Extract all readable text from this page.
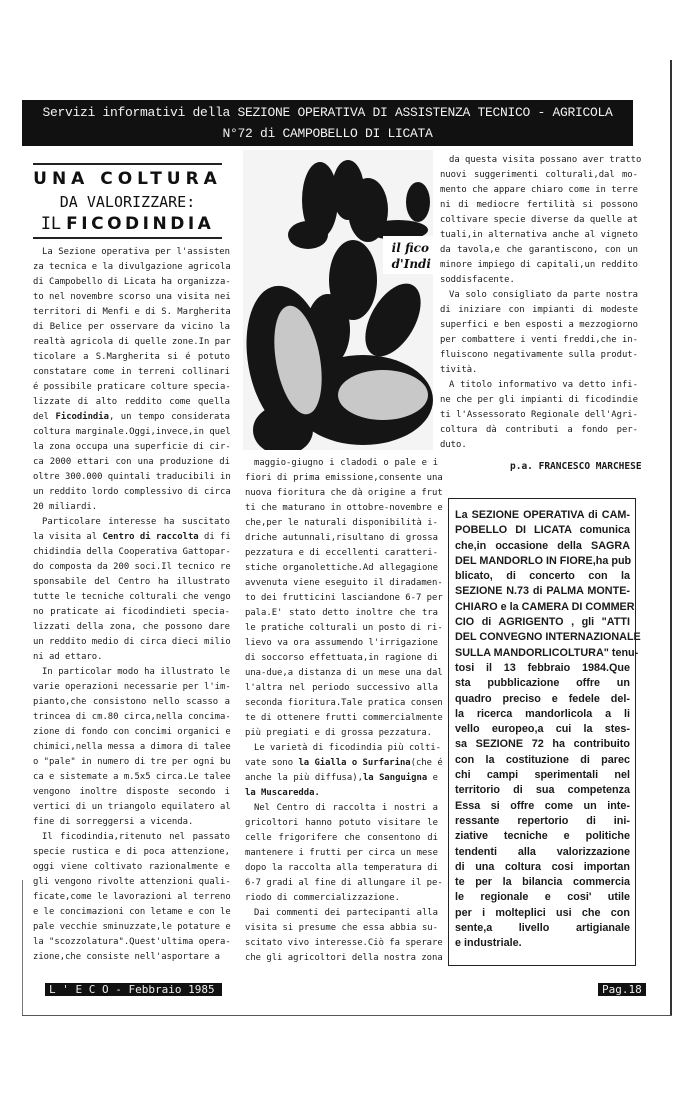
Servizi informativi della SEZIONE OPERATIVA DI ASSISTENZA TECNICO - AGRICOLA
N°72 di CAMPOBELLO DI LICATA
UNA COLTURA
DA VALORIZZARE:
IL FICODINDIA
il fico
d'Indi
La Sezione operativa per l'assisten
za tecnica e la divulgazione agricola
di Campobello di Licata ha organizza-
to nel novembre scorso una visita nei
territori di Menfi e di S. Margherita
di Belice per osservare da vicino la
realtà agricola di quelle zone.In par
ticolare a S.Margherita si é potuto
constatare come in terreni collinari
é possibile praticare colture specia-
lizzate di alto reddito come quella
del Ficodindia, un tempo considerata
coltura marginale.Oggi,invece,in quel
la zona occupa una superficie di cir-
ca 2000 ettari con una produzione di
oltre 300.000 quintali traducibili in
un reddito lordo complessivo di circa
20 miliardi.
Particolare interesse ha suscitato
la visita al Centro di raccolta di fi
chidindia della Cooperativa Gattopar-
do composta da 200 soci.Il tecnico re
sponsabile del Centro ha illustrato
tutte le tecniche colturali che vengo
no praticate ai ficodindieti specia-
lizzati della zona, che possono dare
un reddito medio di circa dieci milio
ni ad ettaro.
In particolar modo ha illustrato le
varie operazioni necessarie per l'im-
pianto,che consistono nello scasso a
trincea di cm.80 circa,nella concima-
zione di fondo con concimi organici e
chimici,nella messa a dimora di talee
o "pale" in numero di tre per ogni bu
ca e sistemate a m.5x5 circa.Le talee
vengono inoltre disposte secondo i
vertici di un triangolo equilatero al
fine di sorreggersi a vicenda.
Il ficodindia,ritenuto nel passato
specie rustica e di poca attenzione,
oggi viene coltivato razionalmente e
gli vengono rivolte attenzioni quali-
ficate,come le lavorazioni al terreno
e le concimazioni con letame e con le
pale vecchie sminuzzate,le potature e
la "scozzolatura".Quest'ultima opera-
zione,che consiste nell'asportare a
maggio-giugno i cladodi o pale e i
fiori di prima emissione,consente una
nuova fioritura che dà origine a frut
ti che maturano in ottobre-novembre e
che,per le naturali disponibilità i-
driche autunnali,risultano di grossa
pezzatura e di eccellenti caratteri-
stiche organolettiche.Ad allegagione
avvenuta viene eseguito il diradamen-
to dei frutticini lasciandone 6-7 per
pala.E' stato detto inoltre che tra
le pratiche colturali un posto di ri-
lievo va ora assumendo l'irrigazione
di soccorso effettuata,in ragione di
una-due,a distanza di un mese una dal
l'altra nel periodo successivo alla
seconda fioritura.Tale pratica consen
te di ottenere frutti commercialmente
più pregiati e di grossa pezzatura.
Le varietà di ficodindia più colti-
vate sono la Gialla o Surfarina(che é
anche la più diffusa),la Sanguigna e
la Muscaredda.
Nel Centro di raccolta i nostri a
gricoltori hanno potuto visitare le
celle frigorifere che consentono di
mantenere i frutti per circa un mese
dopo la raccolta alla temperatura di
6-7 gradi al fine di allungare il pe-
riodo di commercializzazione.
Dai commenti dei partecipanti alla
visita si presume che essa abbia su-
scitato vivo interesse.Ciò fa sperare
che gli agricoltori della nostra zona
da questa visita possano aver tratto
nuovi suggerimenti colturali,dal mo-
mento che appare chiaro come in terre
ni di mediocre fertilità si possono
coltivare specie diverse da quelle at
tuali,in alternativa anche al vigneto
da tavola,e che garantiscono, con un
minore impiego di capitali,un reddito
soddisfacente.
Va solo consigliato da parte nostra
di iniziare con impianti di modeste
superfici e ben esposti a mezzogiorno
per combattere i venti freddi,che in-
fluiscono negativamente sulla produt-
tività.
A titolo informativo va detto infi-
ne che per gli impianti di ficodindie
ti l'Assessorato Regionale dell'Agri-
coltura dà contributi a fondo per-
duto.
p.a. FRANCESCO MARCHESE
La SEZIONE OPERATIVA di CAM-
POBELLO DI LICATA comunica
che,in occasione della SAGRA
DEL MANDORLO IN FIORE,ha pub
blicato, di concerto con la
SEZIONE N.73 di PALMA MONTE-
CHIARO e la CAMERA DI COMMER
CIO di AGRIGENTO , gli "ATTI
DEL CONVEGNO INTERNAZIONALE
SULLA MANDORLICOLTURA" tenu-
tosi il 13 febbraio 1984.Que
sta pubblicazione offre un
quadro preciso e fedele del-
la ricerca mandorlicola a li
vello europeo,a cui la stes-
sa SEZIONE 72 ha contribuito
con la costituzione di parec
chi campi sperimentali nel
territorio di sua competenza
Essa si offre come un inte-
ressante repertorio di ini-
ziative tecniche e politiche
tendenti alla valorizzazione
di una coltura cosi importan
te per la bilancia commercia
le regionale e cosi' utile
per i molteplici usi che con
sente,a livello artigianale
e industriale.
L ' E C O - Febbraio 1985	Pag.18
